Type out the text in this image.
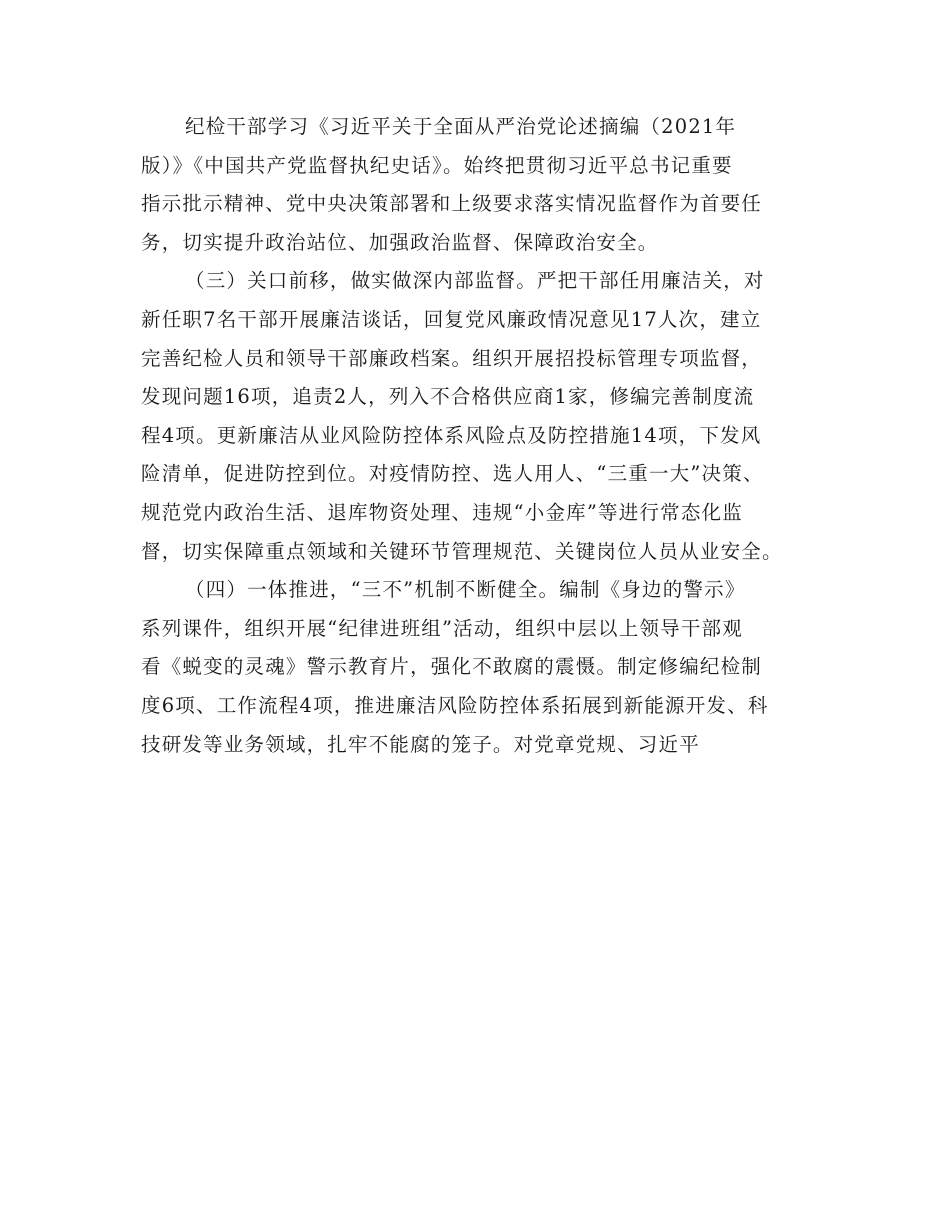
纪检干部学习《习近平关于全面从严治党论述摘编（2021年
版）》《中国共产党监督执纪史话》。始终把贯彻习近平总书记重要
指示批示精神、党中央决策部署和上级要求落实情况监督作为首要任
务，切实提升政治站位、加强政治监督、保障政治安全。
（三）关口前移，做实做深内部监督。严把干部任用廉洁关，对
新任职7名干部开展廉洁谈话，回复党风廉政情况意见17人次，建立
完善纪检人员和领导干部廉政档案。组织开展招投标管理专项监督，
发现问题16项，追责2人，列入不合格供应商1家，修编完善制度流
程4项。更新廉洁从业风险防控体系风险点及防控措施14项，下发风
险清单，促进防控到位。对疫情防控、选人用人、“三重一大”决策、
规范党内政治生活、退库物资处理、违规“小金库”等进行常态化监
督，切实保障重点领域和关键环节管理规范、关键岗位人员从业安全。
（四）一体推进，“三不”机制不断健全。编制《身边的警示》
系列课件，组织开展“纪律进班组”活动，组织中层以上领导干部观
看《蜕变的灵魂》警示教育片，强化不敢腐的震慑。制定修编纪检制
度6项、工作流程4项，推进廉洁风险防控体系拓展到新能源开发、科
技研发等业务领域，扎牢不能腐的笼子。对党章党规、习近平
